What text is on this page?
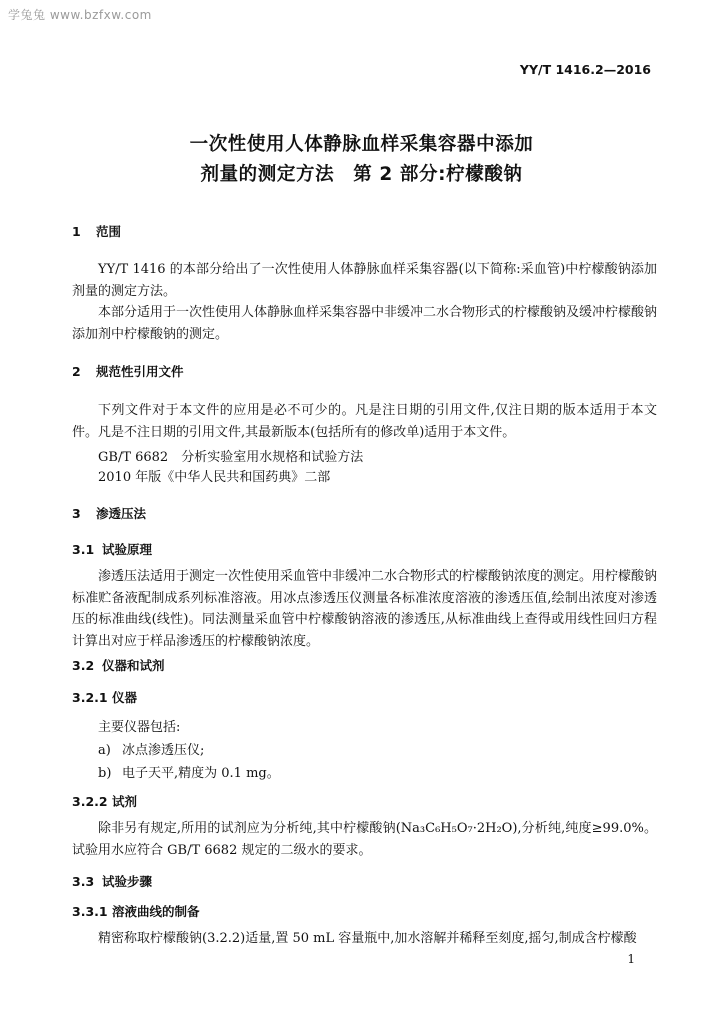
学兔兔 www.bzfxw.com
YY/T 1416.2—2016
一次性使用人体静脉血样采集容器中添加
剂量的测定方法　第 2 部分:柠檬酸钠
1 范围
YY/T 1416 的本部分给出了一次性使用人体静脉血样采集容器(以下简称:采血管)中柠檬酸钠添加剂量的测定方法。
本部分适用于一次性使用人体静脉血样采集容器中非缓冲二水合物形式的柠檬酸钠及缓冲柠檬酸钠添加剂中柠檬酸钠的测定。
2 规范性引用文件
下列文件对于本文件的应用是必不可少的。凡是注日期的引用文件,仅注日期的版本适用于本文件。凡是不注日期的引用文件,其最新版本(包括所有的修改单)适用于本文件。
GB/T 6682　分析实验室用水规格和试验方法
2010 年版《中华人民共和国药典》二部
3 渗透压法
3.1 试验原理
渗透压法适用于测定一次性使用采血管中非缓冲二水合物形式的柠檬酸钠浓度的测定。用柠檬酸钠标准贮备液配制成系列标准溶液。用冰点渗透压仪测量各标准浓度溶液的渗透压值,绘制出浓度对渗透压的标准曲线(线性)。同法测量采血管中柠檬酸钠溶液的渗透压,从标准曲线上查得或用线性回归方程计算出对应于样品渗透压的柠檬酸钠浓度。
3.2 仪器和试剂
3.2.1 仪器
主要仪器包括:
a) 冰点渗透压仪;
b) 电子天平,精度为 0.1 mg。
3.2.2 试剂
除非另有规定,所用的试剂应为分析纯,其中柠檬酸钠(Na₃C₆H₅O₇·2H₂O),分析纯,纯度≥99.0%。试验用水应符合 GB/T 6682 规定的二级水的要求。
3.3 试验步骤
3.3.1 溶液曲线的制备
精密称取柠檬酸钠(3.2.2)适量,置 50 mL 容量瓶中,加水溶解并稀释至刻度,摇匀,制成含柠檬酸
1
